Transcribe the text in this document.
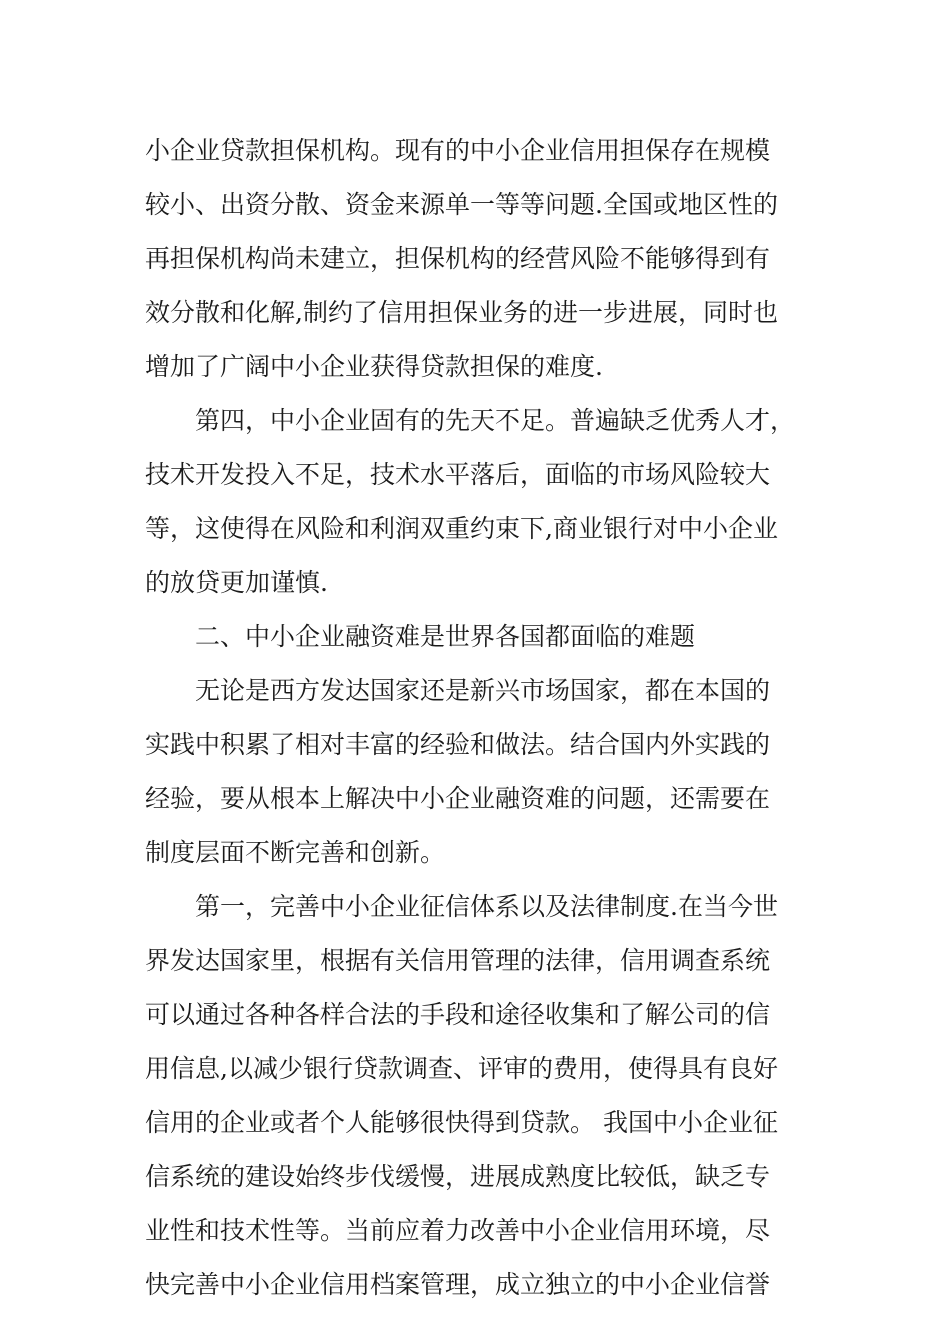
小企业贷款担保机构。现有的中小企业信用担保存在规模
较小、出资分散、资金来源单一等等问题.全国或地区性的
再担保机构尚未建立，担保机构的经营风险不能够得到有
效分散和化解,制约了信用担保业务的进一步进展，同时也
增加了广阔中小企业获得贷款担保的难度.

第四，中小企业固有的先天不足。普遍缺乏优秀人才，
技术开发投入不足，技术水平落后，面临的市场风险较大
等，这使得在风险和利润双重约束下,商业银行对中小企业
的放贷更加谨慎.

二、中小企业融资难是世界各国都面临的难题

无论是西方发达国家还是新兴市场国家，都在本国的
实践中积累了相对丰富的经验和做法。结合国内外实践的
经验，要从根本上解决中小企业融资难的问题，还需要在
制度层面不断完善和创新。

第一，完善中小企业征信体系以及法律制度.在当今世
界发达国家里，根据有关信用管理的法律，信用调查系统
可以通过各种各样合法的手段和途径收集和了解公司的信
用信息,以减少银行贷款调查、评审的费用，使得具有良好
信用的企业或者个人能够很快得到贷款。 我国中小企业征
信系统的建设始终步伐缓慢，进展成熟度比较低，缺乏专
业性和技术性等。当前应着力改善中小企业信用环境，尽
快完善中小企业信用档案管理，成立独立的中小企业信誉
